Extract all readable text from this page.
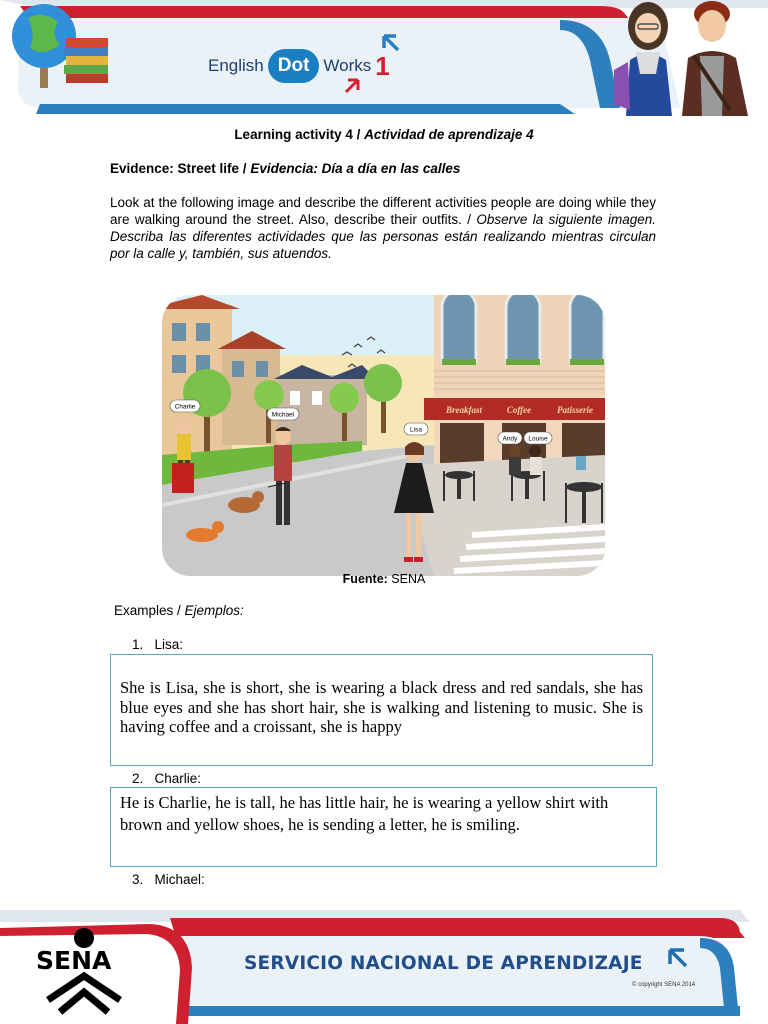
English Dot Works 1
Learning activity 4 / Actividad de aprendizaje 4
Evidence: Street life / Evidencia: Día a día en las calles

Look at the following image and describe the different activities people are doing while they are walking around the street. Also, describe their outfits. / Observe la siguiente imagen. Describa las diferentes actividades que las personas están realizando mientras circulan por la calle y, también, sus atuendos.

Charlie
Michael
Lisa
Andy Louise
Breakfast	Coffee	Patisserie
Fuente: SENA
Examples / Ejemplos:
1. Lisa:
She is Lisa, she is short, she is wearing a black dress and red sandals, she has blue eyes and she has short hair, she is walking and listening to music. She is having coffee and a croissant, she is happy
2. Charlie:
He is Charlie, he is tall, he has little hair, he is wearing a yellow shirt with brown and yellow shoes, he is sending a letter, he is smiling.
3. Michael:
SENA	SERVICIO NACIONAL DE APRENDIZAJE
© copyright SENA 2014
